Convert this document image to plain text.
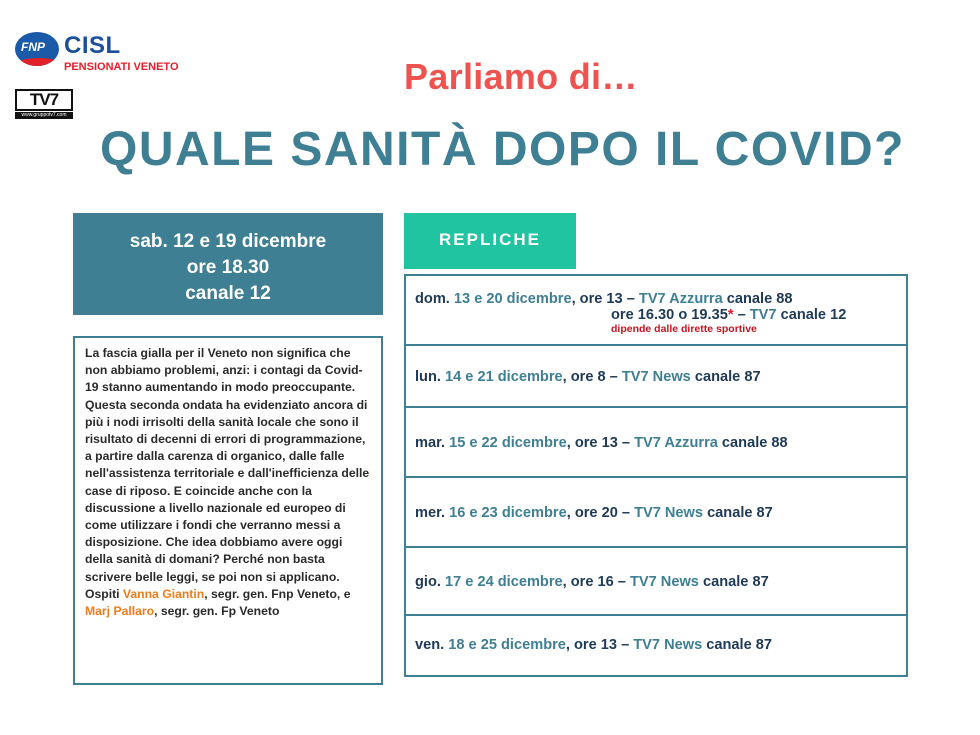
FNP CISL
PENSIONATI VENETO
TV7
www.gruppotv7.com
Parliamo di…
QUALE SANITÀ DOPO IL COVID?
sab. 12 e 19 dicembre
ore 18.30
canale 12
REPLICHE
La fascia gialla per il Veneto non significa che non abbiamo problemi, anzi: i contagi da Covid-19 stanno aumentando in modo preoccupante. Questa seconda ondata ha evidenziato ancora di più i nodi irrisolti della sanità locale che sono il risultato di decenni di errori di programmazione, a partire dalla carenza di organico, dalle falle nell'assistenza territoriale e dall'inefficienza delle case di riposo. E coincide anche con la discussione a livello nazionale ed europeo di come utilizzare i fondi che verranno messi a disposizione. Che idea dobbiamo avere oggi della sanità di domani? Perché non basta scrivere belle leggi, se poi non si applicano. Ospiti Vanna Giantin, segr. gen. Fnp Veneto, e Marj Pallaro, segr. gen. Fp Veneto
dom. 13 e 20 dicembre, ore 13 – TV7 Azzurra canale 88
ore 16.30 o 19.35* – TV7 canale 12
dipende dalle dirette sportive
lun. 14 e 21 dicembre, ore 8 – TV7 News canale 87
mar. 15 e 22 dicembre, ore 13 – TV7 Azzurra canale 88
mer. 16 e 23 dicembre, ore 20 – TV7 News canale 87
gio. 17 e 24 dicembre, ore 16 – TV7 News canale 87
ven. 18 e 25 dicembre, ore 13 – TV7 News canale 87
